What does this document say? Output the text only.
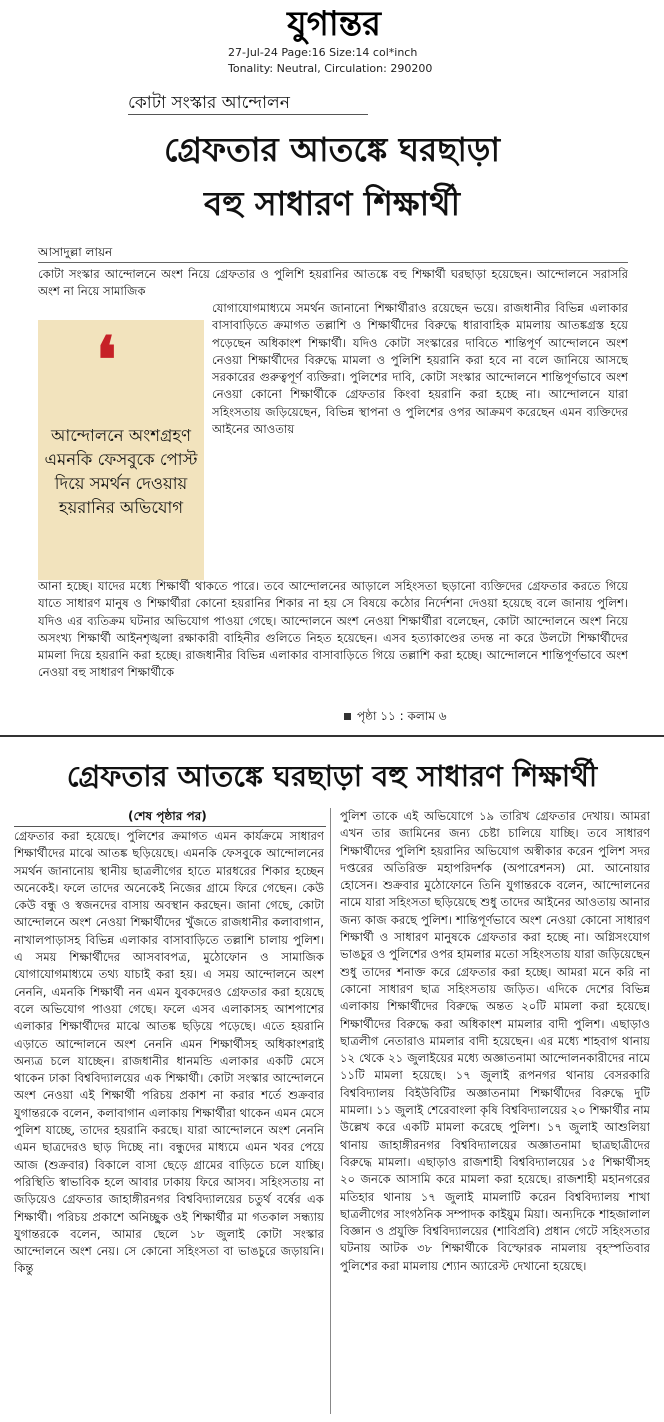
যুগান্তর
27-Jul-24 Page:16 Size:14 col*inch
Tonality: Neutral, Circulation: 290200
কোটা সংস্কার আন্দোলন
গ্রেফতার আতঙ্কে ঘরছাড়া
বহু সাধারণ শিক্ষার্থী
আসাদুল্লা লায়ন

কোটা সংস্কার আন্দোলনে অংশ নিয়ে গ্রেফতার ও পুলিশি হয়রানির আতঙ্কে বহু শিক্ষার্থী ঘরছাড়া হয়েছেন। আন্দোলনে সরাসরি অংশ না নিয়ে সামাজিক

❛
আন্দোলনে অংশগ্রহণ এমনকি ফেসবুকে পোস্ট দিয়ে সমর্থন দেওয়ায় হয়রানির অভিযোগ

যোগাযোগমাধ্যমে সমর্থন জানানো শিক্ষার্থীরাও রয়েছেন ভয়ে। রাজধানীর বিভিন্ন এলাকার বাসাবাড়িতে ক্রমাগত তল্লাশি ও শিক্ষার্থীদের বিরুদ্ধে ধারাবাহিক মামলায় আতঙ্কগ্রস্ত হয়ে পড়েছেন অধিকাংশ শিক্ষার্থী। যদিও কোটা সংস্কারের দাবিতে শান্তিপূর্ণ আন্দোলনে অংশ নেওয়া শিক্ষার্থীদের বিরুদ্ধে মামলা ও পুলিশি হয়রানি করা হবে না বলে জানিয়ে আসছে সরকারের গুরুত্বপূর্ণ ব্যক্তিরা। পুলিশের দাবি, কোটা সংস্কার আন্দোলনে শান্তিপূর্ণভাবে অংশ নেওয়া কোনো শিক্ষার্থীকে গ্রেফতার কিংবা হয়রানি করা হচ্ছে না। আন্দোলনে যারা সহিংসতায় জড়িয়েছেন, বিভিন্ন স্থাপনা ও পুলিশের ওপর আক্রমণ করেছেন এমন ব্যক্তিদের আইনের আওতায়

আনা হচ্ছে। যাদের মধ্যে শিক্ষার্থী থাকতে পারে। তবে আন্দোলনের আড়ালে সহিংসতা ছড়ানো ব্যক্তিদের গ্রেফতার করতে গিয়ে যাতে সাধারণ মানুষ ও শিক্ষার্থীরা কোনো হয়রানির শিকার না হয় সে বিষয়ে কঠোর নির্দেশনা দেওয়া হয়েছে বলে জানায় পুলিশ। যদিও এর ব্যতিক্রম ঘটনার অভিযোগ পাওয়া গেছে। আন্দোলনে অংশ নেওয়া শিক্ষার্থীরা বলেছেন, কোটা আন্দোলনে অংশ নিয়ে অসংখ্য শিক্ষার্থী আইনশৃঙ্খলা রক্ষাকারী বাহিনীর গুলিতে নিহত হয়েছেন। এসব হত্যাকাণ্ডের তদন্ত না করে উলটো শিক্ষার্থীদের মামলা দিয়ে হয়রানি করা হচ্ছে। রাজধানীর বিভিন্ন এলাকার বাসাবাড়িতে গিয়ে তল্লাশি করা হচ্ছে। আন্দোলনে শান্তিপূর্ণভাবে অংশ নেওয়া বহু সাধারণ শিক্ষার্থীকে

পৃষ্ঠা ১১ : কলাম ৬
গ্রেফতার আতঙ্কে ঘরছাড়া বহু সাধারণ শিক্ষার্থী
(শেষ পৃষ্ঠার পর)

গ্রেফতার করা হয়েছে। পুলিশের ক্রমাগত এমন কার্যক্রমে সাধারণ শিক্ষার্থীদের মাঝে আতঙ্ক ছড়িয়েছে। এমনকি ফেসবুকে আন্দোলনের সমর্থন জানানোয় স্থানীয় ছাত্রলীগের হাতে মারধরের শিকার হচ্ছেন অনেকেই। ফলে তাদের অনেকেই নিজের গ্রামে ফিরে গেছেন। কেউ কেউ বন্ধু ও স্বজনদের বাসায় অবস্থান করছেন। জানা গেছে, কোটা আন্দোলনে অংশ নেওয়া শিক্ষার্থীদের খুঁজতে রাজধানীর কলাবাগান, নাখালপাড়াসহ বিভিন্ন এলাকার বাসাবাড়িতে তল্লাশি চালায় পুলিশ। এ সময় শিক্ষার্থীদের আসবাবপত্র, মুঠোফোন ও সামাজিক যোগাযোগমাধ্যমে তথ্য যাচাই করা হয়। এ সময় আন্দোলনে অংশ নেননি, এমনকি শিক্ষার্থী নন এমন যুবকদেরও গ্রেফতার করা হয়েছে বলে অভিযোগ পাওয়া গেছে। ফলে এসব এলাকাসহ আশপাশের এলাকার শিক্ষার্থীদের মাঝে আতঙ্ক ছড়িয়ে পড়েছে। এতে হয়রানি এড়াতে আন্দোলনে অংশ নেননি এমন শিক্ষার্থীসহ অধিকাংশরাই অন্যত্র চলে যাচ্ছেন। রাজধানীর ধানমন্ডি এলাকার একটি মেসে থাকেন ঢাকা বিশ্ববিদ্যালয়ের এক শিক্ষার্থী। কোটা সংস্কার আন্দোলনে অংশ নেওয়া এই শিক্ষার্থী পরিচয় প্রকাশ না করার শর্তে শুক্রবার যুগান্তরকে বলেন, কলাবাগান এলাকায় শিক্ষার্থীরা থাকেন এমন মেসে পুলিশ যাচ্ছে, তাদের হয়রানি করছে। যারা আন্দোলনে অংশ নেননি এমন ছাত্রদেরও ছাড় দিচ্ছে না। বন্ধুদের মাধ্যমে এমন খবর পেয়ে আজ (শুক্রবার) বিকালে বাসা ছেড়ে গ্রামের বাড়িতে চলে যাচ্ছি। পরিস্থিতি স্বাভাবিক হলে আবার ঢাকায় ফিরে আসব। সহিংসতায় না জড়িয়েও গ্রেফতার জাহাঙ্গীরনগর বিশ্ববিদ্যালয়ের চতুর্থ বর্ষের এক শিক্ষার্থী। পরিচয় প্রকাশে অনিচ্ছুক ওই শিক্ষার্থীর মা গতকাল সন্ধ্যায় যুগান্তরকে বলেন, আমার ছেলে ১৮ জুলাই কোটা সংস্কার আন্দোলনে অংশ নেয়। সে কোনো সহিংসতা বা ভাঙচুরে জড়ায়নি। কিন্তু

পুলিশ তাকে এই অভিযোগে ১৯ তারিখ গ্রেফতার দেখায়। আমরা এখন তার জামিনের জন্য চেষ্টা চালিয়ে যাচ্ছি। তবে সাধারণ শিক্ষার্থীদের পুলিশি হয়রানির অভিযোগ অস্বীকার করেন পুলিশ সদর দপ্তরের অতিরিক্ত মহাপরিদর্শক (অপারেশনস) মো. আনোয়ার হোসেন। শুক্রবার মুঠোফোনে তিনি যুগান্তরকে বলেন, আন্দোলনের নামে যারা সহিংসতা ছড়িয়েছে শুধু তাদের আইনের আওতায় আনার জন্য কাজ করছে পুলিশ। শান্তিপূর্ণভাবে অংশ নেওয়া কোনো সাধারণ শিক্ষার্থী ও সাধারণ মানুষকে গ্রেফতার করা হচ্ছে না। অগ্নিসংযোগ ভাঙচুর ও পুলিশের ওপর হামলার মতো সহিংসতায় যারা জড়িয়েছেন শুধু তাদের শনাক্ত করে গ্রেফতার করা হচ্ছে। আমরা মনে করি না কোনো সাধারণ ছাত্র সহিংসতায় জড়িত। এদিকে দেশের বিভিন্ন এলাকায় শিক্ষার্থীদের বিরুদ্ধে অন্তত ২০টি মামলা করা হয়েছে। শিক্ষার্থীদের বিরুদ্ধে করা অধিকাংশ মামলার বাদী পুলিশ। এছাড়াও ছাত্রলীগ নেতারাও মামলার বাদী হয়েছেন। এর মধ্যে শাহবাগ থানায় ১২ থেকে ২১ জুলাইয়ের মধ্যে অজ্ঞাতনামা আন্দোলনকারীদের নামে ১১টি মামলা হয়েছে। ১৭ জুলাই রূপনগর থানায় বেসরকারি বিশ্ববিদ্যালয় বিইউবিটির অজ্ঞাতনামা শিক্ষার্থীদের বিরুদ্ধে দুটি মামলা। ১১ জুলাই শেরেবাংলা কৃষি বিশ্ববিদ্যালয়ের ২০ শিক্ষার্থীর নাম উল্লেখ করে একটি মামলা করেছে পুলিশ। ১৭ জুলাই আশুলিয়া থানায় জাহাঙ্গীরনগর বিশ্ববিদ্যালয়ের অজ্ঞাতনামা ছাত্রছাত্রীদের বিরুদ্ধে মামলা। এছাড়াও রাজশাহী বিশ্ববিদ্যালয়ের ১৫ শিক্ষার্থীসহ ২০ জনকে আসামি করে মামলা করা হয়েছে। রাজশাহী মহানগরের মতিহার থানায় ১৭ জুলাই মামলাটি করেন বিশ্ববিদ্যালয় শাখা ছাত্রলীগের সাংগঠনিক সম্পাদক কাইয়ুম মিয়া। অন্যদিকে শাহজালাল বিজ্ঞান ও প্রযুক্তি বিশ্ববিদ্যালয়ের (শাবিপ্রবি) প্রধান গেটে সহিংসতার ঘটনায় আটক ৩৮ শিক্ষার্থীকে বিস্ফোরক নামলায় বৃহস্পতিবার পুলিশের করা মামলায় শ্যোন অ্যারেস্ট দেখানো হয়েছে।
